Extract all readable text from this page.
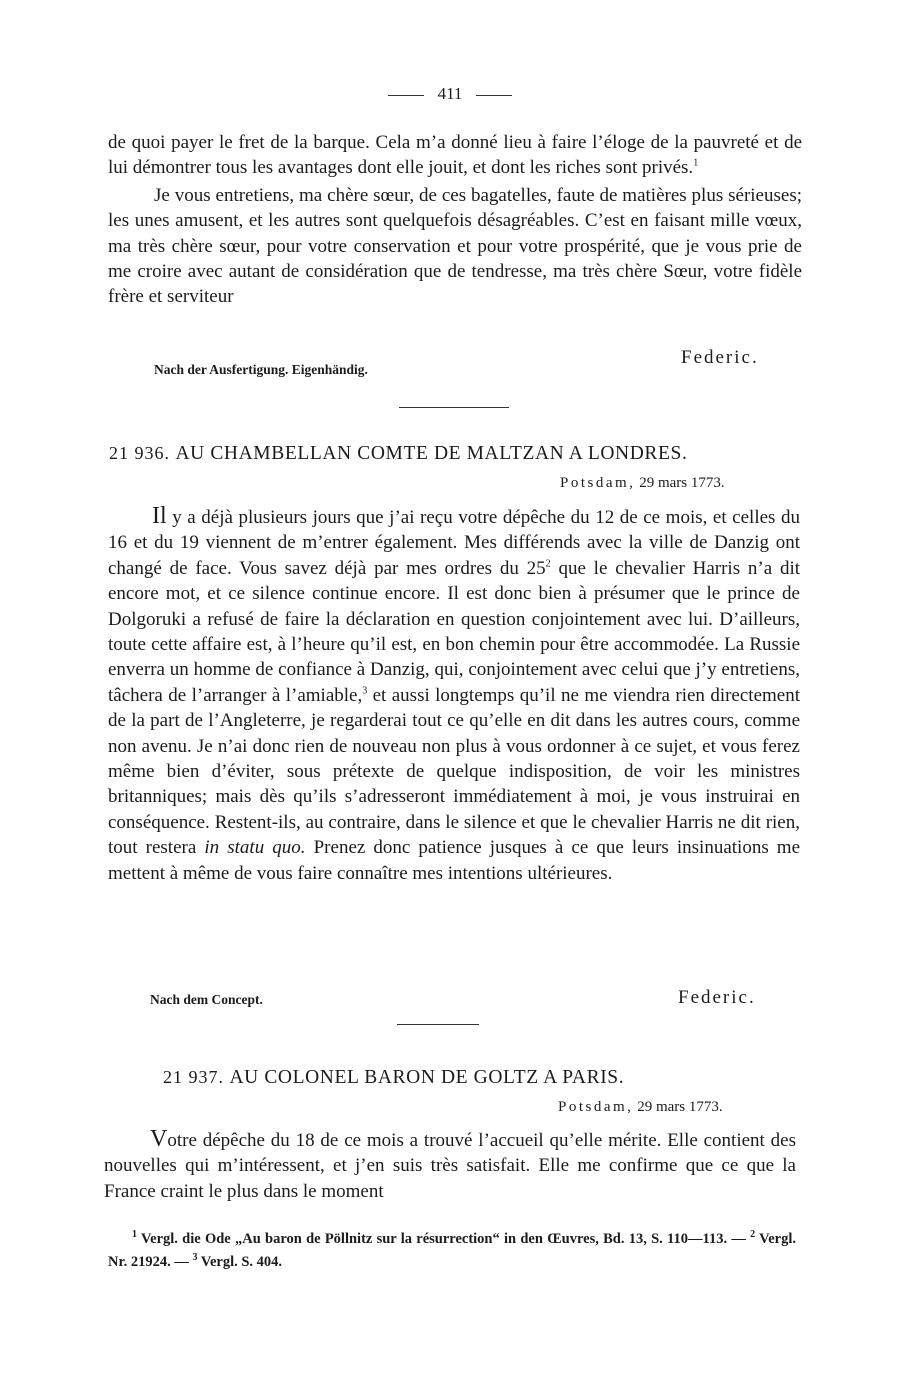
411

de quoi payer le fret de la barque. Cela m’a donné lieu à faire l’éloge de la pauvreté et de lui démontrer tous les avantages dont elle jouit, et dont les riches sont privés.$^1$

Je vous entretiens, ma chère sœur, de ces bagatelles, faute de matières plus sérieuses; les unes amusent, et les autres sont quelquefois désagréables. C’est en faisant mille vœux, ma très chère sœur, pour votre conservation et pour votre prospérité, que je vous prie de me croire avec autant de considération que de tendresse, ma très chère Sœur, votre fidèle frère et serviteur

Federic.
Nach der Ausfertigung. Eigenhändig.
21 936. AU CHAMBELLAN COMTE DE MALTZAN A LONDRES.
Potsdam, 29 mars 1773.

Il y a déjà plusieurs jours que j’ai reçu votre dépêche du 12 de ce mois, et celles du 16 et du 19 viennent de m’entrer également. Mes différends avec la ville de Danzig ont changé de face. Vous savez déjà par mes ordres du $25^2$ que le chevalier Harris n’a dit encore mot, et ce silence continue encore. Il est donc bien à présumer que le prince de Dolgoruki a refusé de faire la déclaration en question conjointement avec lui. D’ailleurs, toute cette affaire est, à l’heure qu’il est, en bon chemin pour être accommodée. La Russie enverra un homme de confiance à Danzig, qui, conjointement avec celui que j’y entretiens, tâchera de l’arranger à l’amiable,$^3$ et aussi longtemps qu’il ne me viendra rien directement de la part de l’Angleterre, je regarderai tout ce qu’elle en dit dans les autres cours, comme non avenu. Je n’ai donc rien de nouveau non plus à vous ordonner à ce sujet, et vous ferez même bien d’éviter, sous prétexte de quelque indisposition, de voir les ministres britanniques; mais dès qu’ils s’adresseront immédiatement à moi, je vous instruirai en conséquence. Restent-ils, au contraire, dans le silence et que le chevalier Harris ne dit rien, tout restera in statu quo. Prenez donc patience jusques à ce que leurs insinuations me mettent à même de vous faire connaître mes intentions ultérieures.

Nach dem Concept.	Federic.
21 937. AU COLONEL BARON DE GOLTZ A PARIS.
Potsdam, 29 mars 1773.

Votre dépêche du 18 de ce mois a trouvé l’accueil qu’elle mérite. Elle contient des nouvelles qui m’intéressent, et j’en suis très satisfait. Elle me confirme que ce que la France craint le plus dans le moment

$^1$ Vergl. die Ode „Au baron de Pöllnitz sur la résurrection“ in den Œuvres, Bd. 13, S. 110—113. — $^2$ Vergl. Nr. 21924. — $^3$ Vergl. S. 404.
